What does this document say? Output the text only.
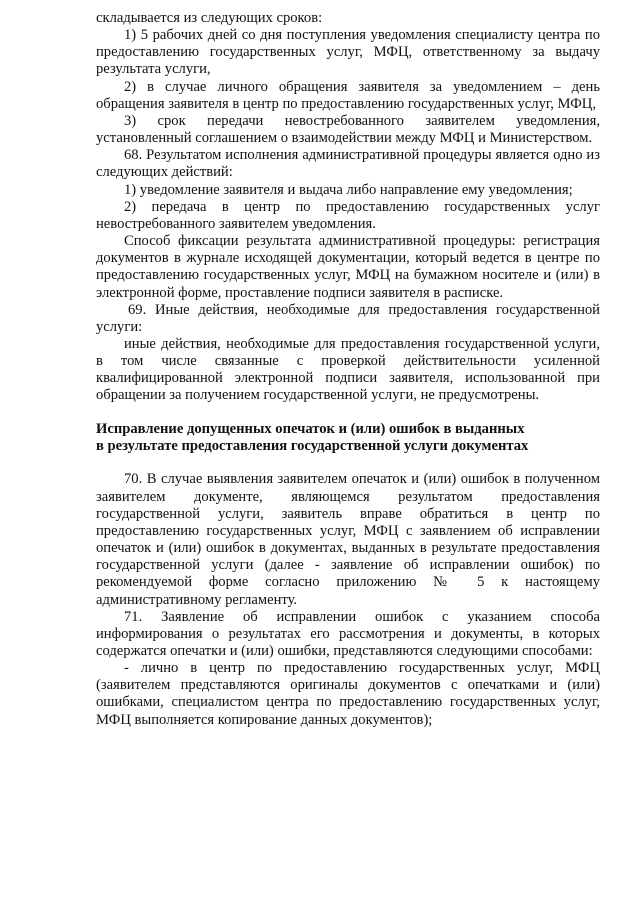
складывается из следующих сроков:

1) 5 рабочих дней со дня поступления уведомления специалисту центра по предоставлению государственных услуг, МФЦ, ответственному за выдачу результата услуги,

2) в случае личного обращения заявителя за уведомлением – день обращения заявителя в центр по предоставлению государственных услуг, МФЦ,

3) срок передачи невостребованного заявителем уведомления, установленный соглашением о взаимодействии между МФЦ и Министерством.

68. Результатом исполнения административной процедуры является одно из следующих действий:

1) уведомление заявителя и выдача либо направление ему уведомления;

2) передача в центр по предоставлению государственных услуг невостребованного заявителем уведомления.

Способ фиксации результата административной процедуры: регистрация документов в журнале исходящей документации, который ведется в центре по предоставлению государственных услуг, МФЦ на бумажном носителе и (или) в электронной форме, проставление подписи заявителя в расписке.

69. Иные действия, необходимые для предоставления государственной услуги:

иные действия, необходимые для предоставления государственной услуги, в том числе связанные с проверкой действительности усиленной квалифицированной электронной подписи заявителя, использованной при обращении за получением государственной услуги, не предусмотрены.

Исправление допущенных опечаток и (или) ошибок в выданных

в результате предоставления государственной услуги документах

70. В случае выявления заявителем опечаток и (или) ошибок в полученном заявителем документе, являющемся результатом предоставления государственной услуги, заявитель вправе обратиться в центр по предоставлению государственных услуг, МФЦ с заявлением об исправлении опечаток и (или) ошибок в документах, выданных в результате предоставления государственной услуги (далее - заявление об исправлении ошибок) по рекомендуемой форме согласно приложению № 5 к настоящему административному регламенту.

71. Заявление об исправлении ошибок с указанием способа информирования о результатах его рассмотрения и документы, в которых содержатся опечатки и (или) ошибки, представляются следующими способами:

- лично в центр по предоставлению государственных услуг, МФЦ (заявителем представляются оригиналы документов с опечатками и (или) ошибками, специалистом центра по предоставлению государственных услуг, МФЦ выполняется копирование данных документов);
